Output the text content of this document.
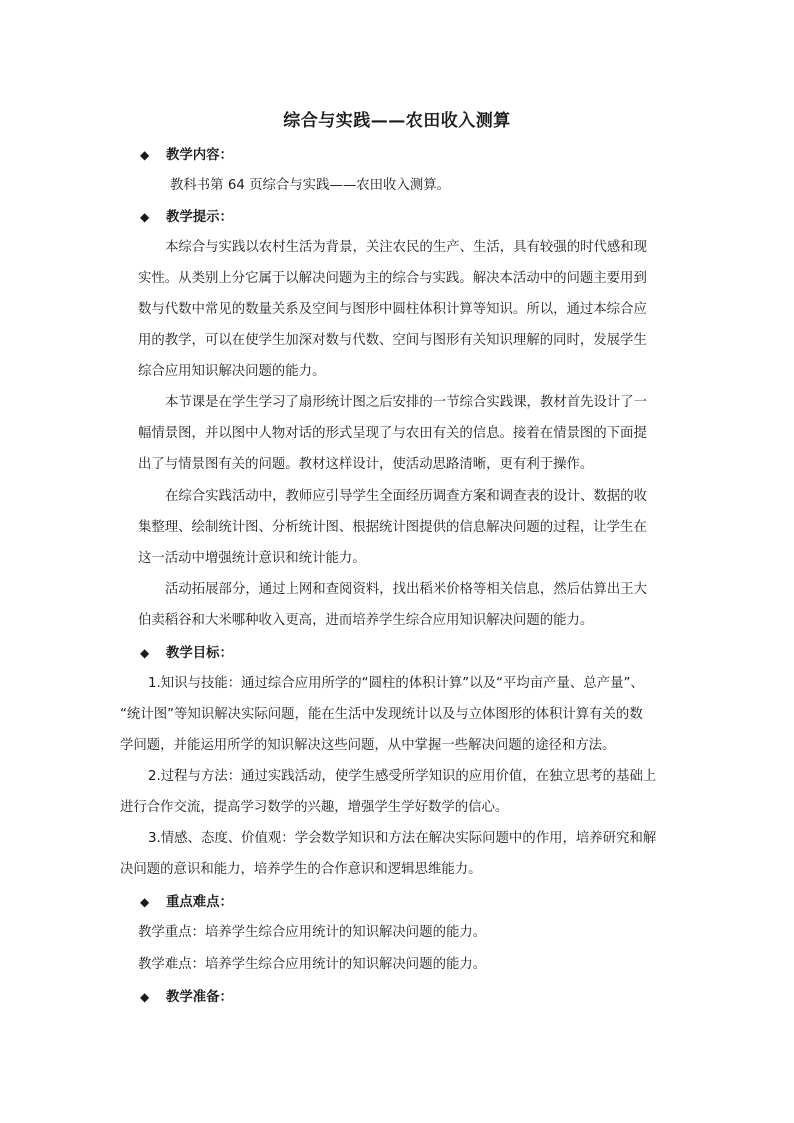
综合与实践——农田收入测算
◆ 教学内容：
教科书第 64 页综合与实践——农田收入测算。
◆ 教学提示：
本综合与实践以农村生活为背景，关注农民的生产、生活，具有较强的时代感和现
实性。从类别上分它属于以解决问题为主的综合与实践。解决本活动中的问题主要用到
数与代数中常见的数量关系及空间与图形中圆柱体积计算等知识。所以，通过本综合应
用的教学，可以在使学生加深对数与代数、空间与图形有关知识理解的同时，发展学生
综合应用知识解决问题的能力。
本节课是在学生学习了扇形统计图之后安排的一节综合实践课，教材首先设计了一
幅情景图，并以图中人物对话的形式呈现了与农田有关的信息。接着在情景图的下面提
出了与情景图有关的问题。教材这样设计，使活动思路清晰，更有利于操作。
在综合实践活动中，教师应引导学生全面经历调查方案和调查表的设计、数据的收
集整理、绘制统计图、分析统计图、根据统计图提供的信息解决问题的过程，让学生在
这一活动中增强统计意识和统计能力。
活动拓展部分，通过上网和查阅资料，找出稻米价格等相关信息，然后估算出王大
伯卖稻谷和大米哪种收入更高，进而培养学生综合应用知识解决问题的能力。
◆ 教学目标：
1.知识与技能：通过综合应用所学的“圆柱的体积计算”以及“平均亩产量、总产量”、
“统计图”等知识解决实际问题，能在生活中发现统计以及与立体图形的体积计算有关的数
学问题，并能运用所学的知识解决这些问题，从中掌握一些解决问题的途径和方法。
2.过程与方法：通过实践活动，使学生感受所学知识的应用价值，在独立思考的基础上
进行合作交流，提高学习数学的兴趣，增强学生学好数学的信心。
3.情感、态度、价值观：学会数学知识和方法在解决实际问题中的作用，培养研究和解
决问题的意识和能力，培养学生的合作意识和逻辑思维能力。
◆ 重点难点：
教学重点：培养学生综合应用统计的知识解决问题的能力。
教学难点：培养学生综合应用统计的知识解决问题的能力。
◆ 教学准备：
